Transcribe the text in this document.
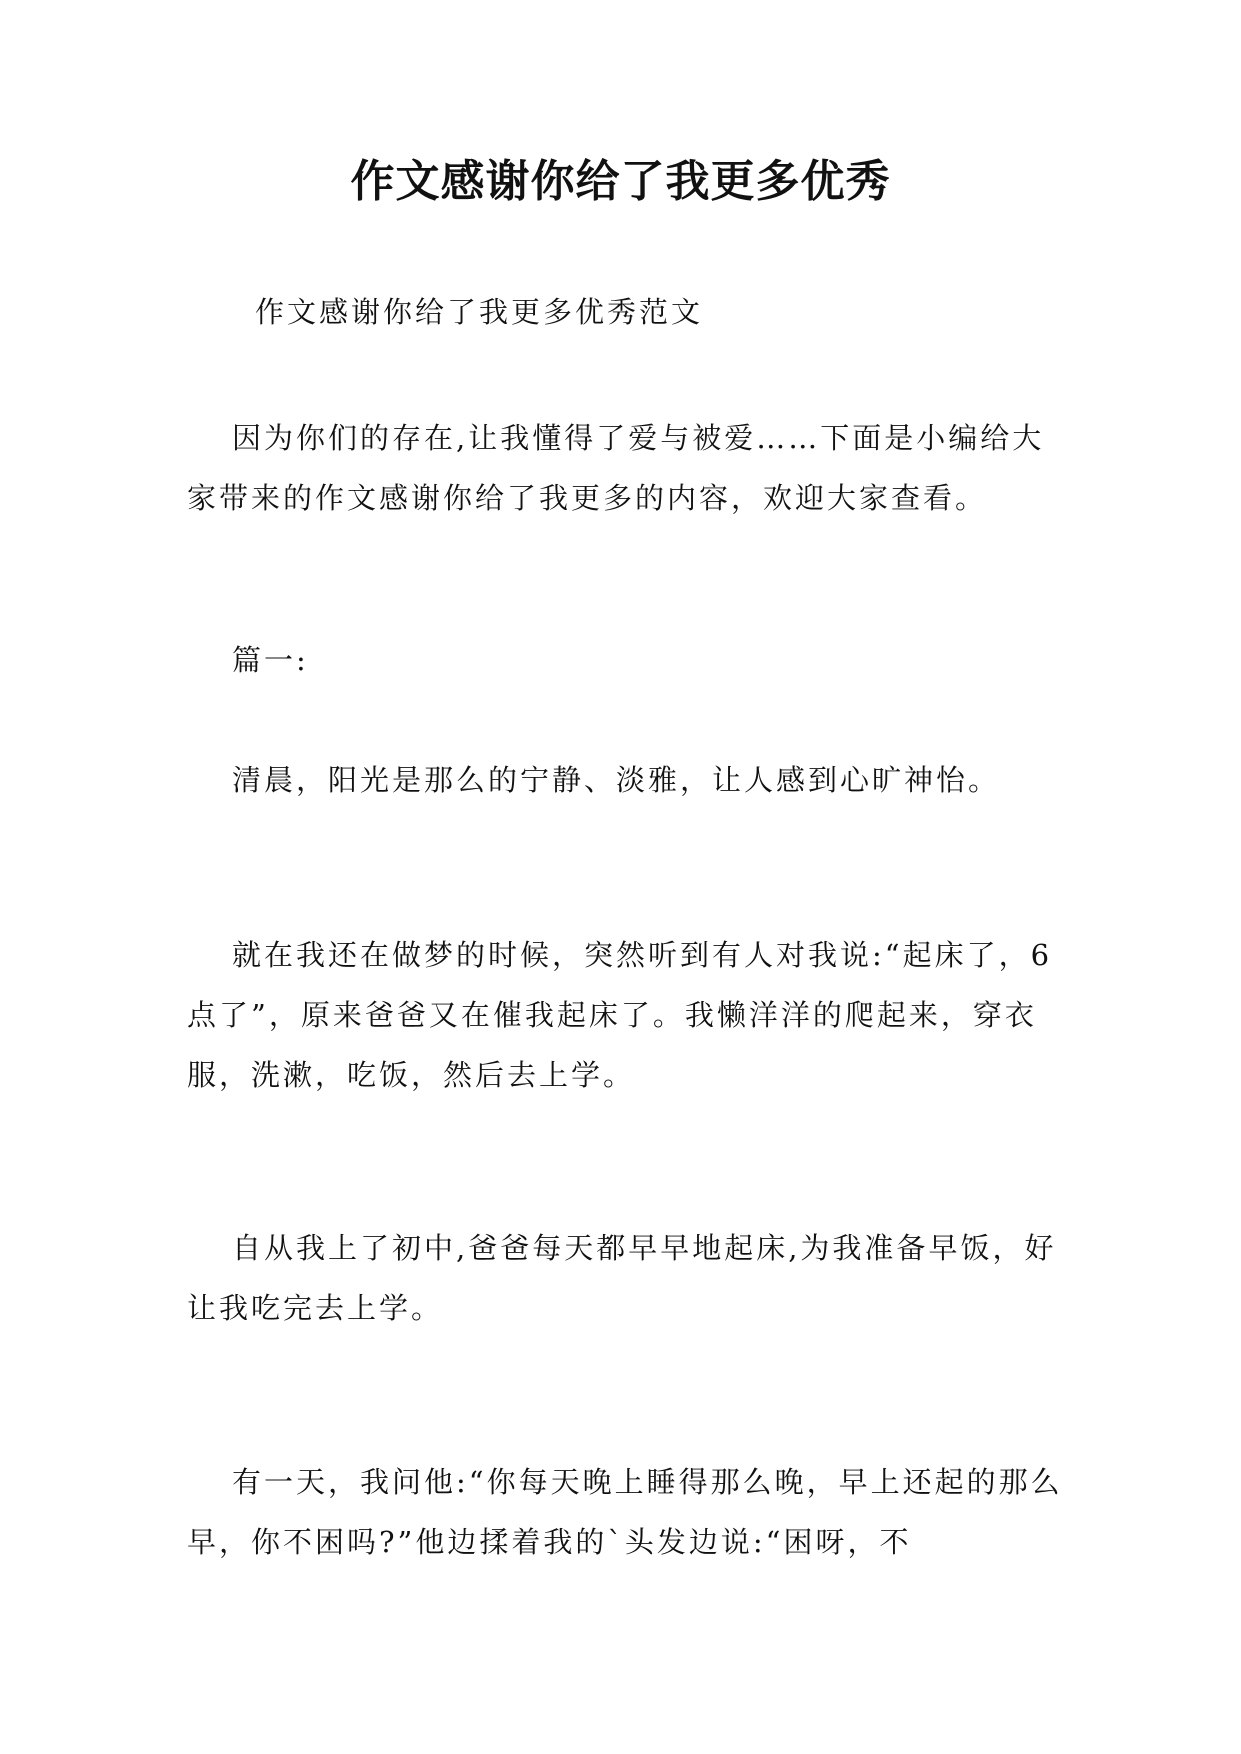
作文感谢你给了我更多优秀

作文感谢你给了我更多优秀范文

因为你们的存在,让我懂得了爱与被爱……下面是小编给大家带来的作文感谢你给了我更多的内容，欢迎大家查看。

篇一:

清晨，阳光是那么的宁静、淡雅，让人感到心旷神怡。

就在我还在做梦的时候，突然听到有人对我说:“起床了，6点了”，原来爸爸又在催我起床了。我懒洋洋的爬起来，穿衣服，洗漱，吃饭，然后去上学。

自从我上了初中,爸爸每天都早早地起床,为我准备早饭，好让我吃完去上学。

有一天，我问他:“你每天晚上睡得那么晚，早上还起的那么早，你不困吗?”他边揉着我的`头发边说:“困呀，不
